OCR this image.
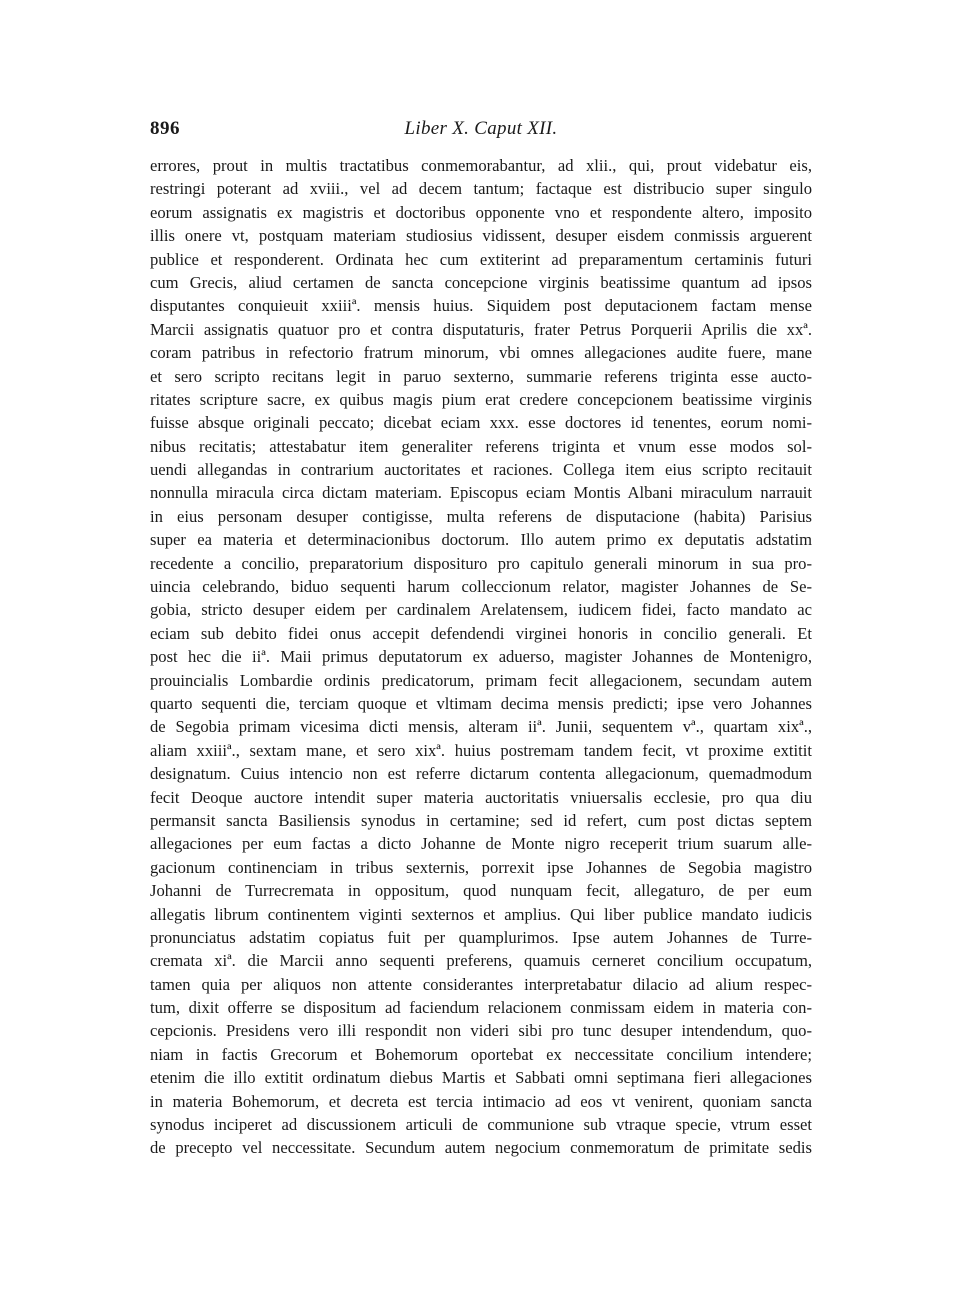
896	Liber X. Caput XII.
errores, prout in multis tractatibus conmemorabantur, ad xlii., qui, prout videbatur eis,
restringi poterant ad xviii., vel ad decem tantum; factaque est distribucio super singulo
eorum assignatis ex magistris et doctoribus opponente vno et respondente altero, imposito
illis onere vt, postquam materiam studiosius vidissent, desuper eisdem conmissis arguerent
publice et responderent. Ordinata hec cum extiterint ad preparamentum certaminis futuri
cum Grecis, aliud certamen de sancta concepcione virginis beatissime quantum ad ipsos
disputantes conquieuit xxiiiª. mensis huius. Siquidem post deputacionem factam mense
Marcii assignatis quatuor pro et contra disputaturis, frater Petrus Porquerii Aprilis die xxª.
coram patribus in refectorio fratrum minorum, vbi omnes allegaciones audite fuere, mane
et sero scripto recitans legit in paruo sexterno, summarie referens triginta esse aucto-
ritates scripture sacre, ex quibus magis pium erat credere concepcionem beatissime virginis
fuisse absque originali peccato; dicebat eciam xxx. esse doctores id tenentes, eorum nomi-
nibus recitatis; attestabatur item generaliter referens triginta et vnum esse modos sol-
uendi allegandas in contrarium auctoritates et raciones. Collega item eius scripto recitauit
nonnulla miracula circa dictam materiam. Episcopus eciam Montis Albani miraculum narrauit
in eius personam desuper contigisse, multa referens de disputacione (habita) Parisius
super ea materia et determinacionibus doctorum. Illo autem primo ex deputatis adstatim
recedente a concilio, preparatorium dispositurо pro capitulo generali minorum in sua pro-
uincia celebrando, biduo sequenti harum colleccionum relator, magister Johannes de Se-
gobia, stricto desuper eidem per cardinalem Arelatensem, iudicem fidei, facto mandato ac
eciam sub debito fidei onus accepit defendendi virginei honoris in concilio generali. Et
post hec die iiª. Maii primus deputatorum ex aduerso, magister Johannes de Montenigro,
prouincialis Lombardie ordinis predicatorum, primam fecit allegacionem, secundam autem
quarto sequenti die, terciam quoque et vltimam decima mensis predicti; ipse vero Johannes
de Segobia primam vicesima dicti mensis, alteram iiª. Junii, sequentem vª., quartam xixª.,
aliam xxiiiª., sextam mane, et sero xixª. huius postremam tandem fecit, vt proxime extitit
designatum. Cuius intencio non est referre dictarum contenta allegacionum, quemadmodum
fecit Deoque auctore intendit super materia auctoritatis vniuersalis ecclesie, pro qua diu
permansit sancta Basiliensis synodus in certamine; sed id refert, cum post dictas septem
allegaciones per eum factas a dicto Johanne de Monte nigro receperit trium suarum alle-
gacionum continenciam in tribus sexternis, porrexit ipse Johannes de Segobia magistro
Johanni de Turrecremata in oppositum, quod nunquam fecit, allegaturo, de per eum
allegatis librum continentem viginti sexternos et amplius. Qui liber publice mandato iudicis
pronunciatus adstatim copiatus fuit per quamplurimos. Ipse autem Johannes de Turre-
cremata xiª. die Marcii anno sequenti preferens, quamuis cerneret concilium occupatum,
tamen quia per aliquos non attente considerantes interpretabatur dilacio ad alium respec-
tum, dixit offerre se dispositum ad faciendum relacionem conmissam eidem in materia con-
cepcionis. Presidens vero illi respondit non videri sibi pro tunc desuper intendendum, quo-
niam in factis Grecorum et Bohemorum oportebat ex neccessitate concilium intendere;
etenim die illo extitit ordinatum diebus Martis et Sabbati omni septimana fieri allegaciones
in materia Bohemorum, et decreta est tercia intimacio ad eos vt venirent, quoniam sancta
synodus inciperet ad discussionem articuli de communione sub vtraque specie, vtrum esset
de precepto vel neccessitate. Secundum autem negocium conmemoratum de primitate sedis
